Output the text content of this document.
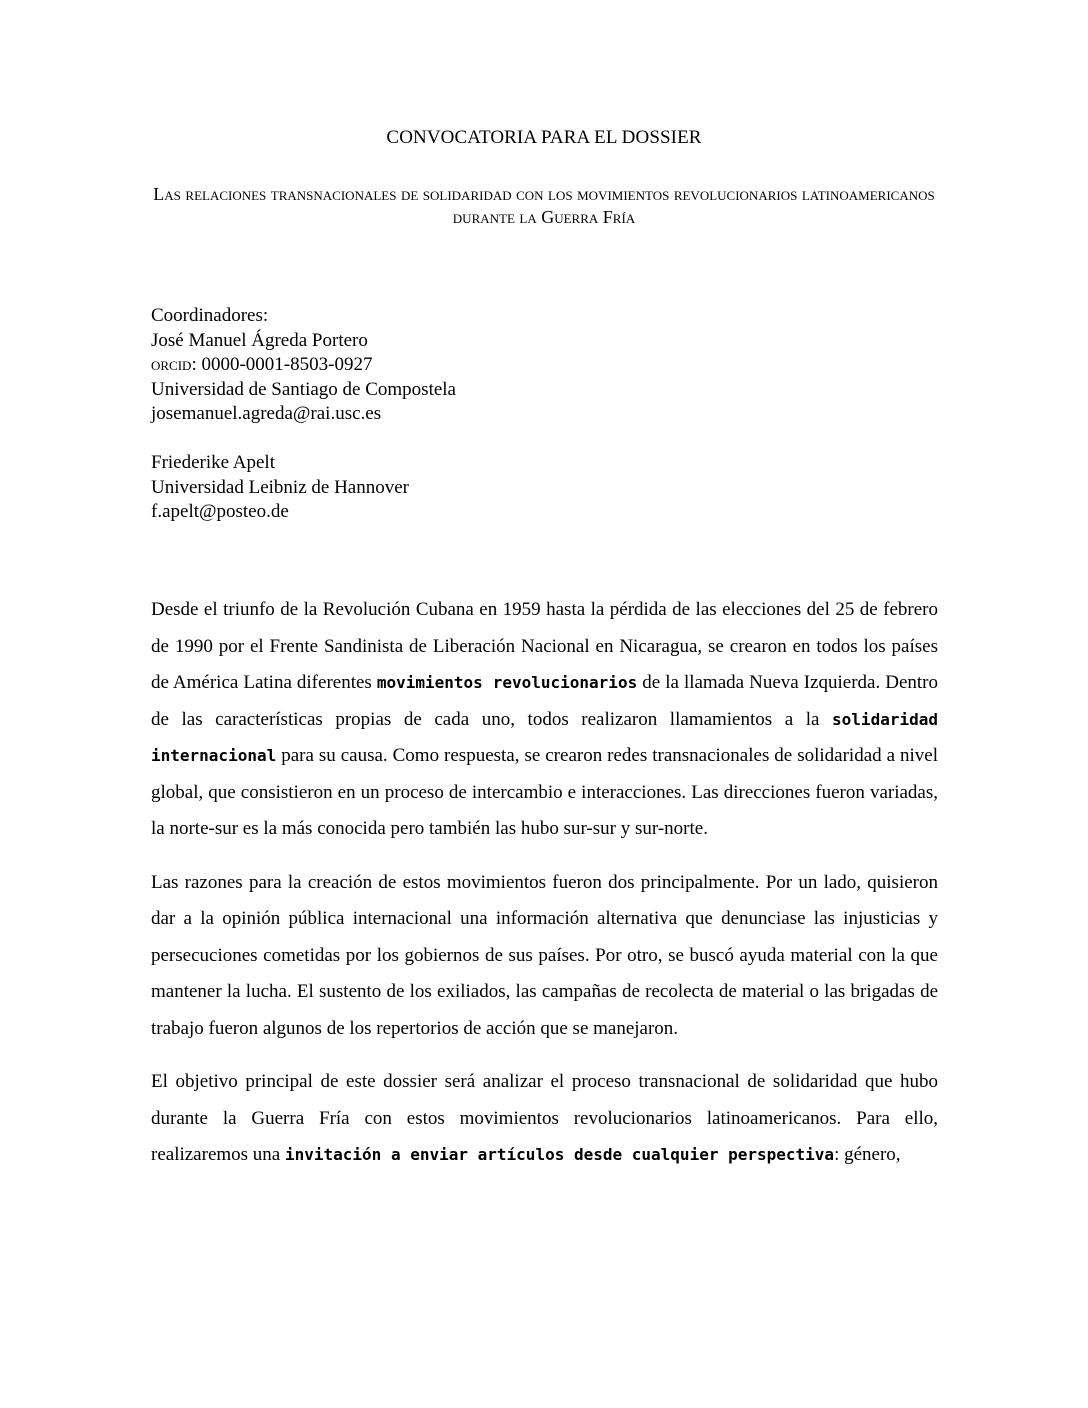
CONVOCATORIA PARA EL DOSSIER
Las relaciones transnacionales de solidaridad con los movimientos revolucionarios latinoamericanos durante la Guerra Fría
Coordinadores:
José Manuel Ágreda Portero
orcid: 0000-0001-8503-0927
Universidad de Santiago de Compostela
josemanuel.agreda@rai.usc.es
Friederike Apelt
Universidad Leibniz de Hannover
f.apelt@posteo.de

Desde el triunfo de la Revolución Cubana en 1959 hasta la pérdida de las elecciones del 25 de febrero de 1990 por el Frente Sandinista de Liberación Nacional en Nicaragua, se crearon en todos los países de América Latina diferentes movimientos revolucionarios de la llamada Nueva Izquierda. Dentro de las características propias de cada uno, todos realizaron llamamientos a la solidaridad internacional para su causa. Como respuesta, se crearon redes transnacionales de solidaridad a nivel global, que consistieron en un proceso de intercambio e interacciones. Las direcciones fueron variadas, la norte-sur es la más conocida pero también las hubo sur-sur y sur-norte.

Las razones para la creación de estos movimientos fueron dos principalmente. Por un lado, quisieron dar a la opinión pública internacional una información alternativa que denunciase las injusticias y persecuciones cometidas por los gobiernos de sus países. Por otro, se buscó ayuda material con la que mantener la lucha. El sustento de los exiliados, las campañas de recolecta de material o las brigadas de trabajo fueron algunos de los repertorios de acción que se manejaron.

El objetivo principal de este dossier será analizar el proceso transnacional de solidaridad que hubo durante la Guerra Fría con estos movimientos revolucionarios latinoamericanos. Para ello, realizaremos una invitación a enviar artículos desde cualquier perspectiva: género,
